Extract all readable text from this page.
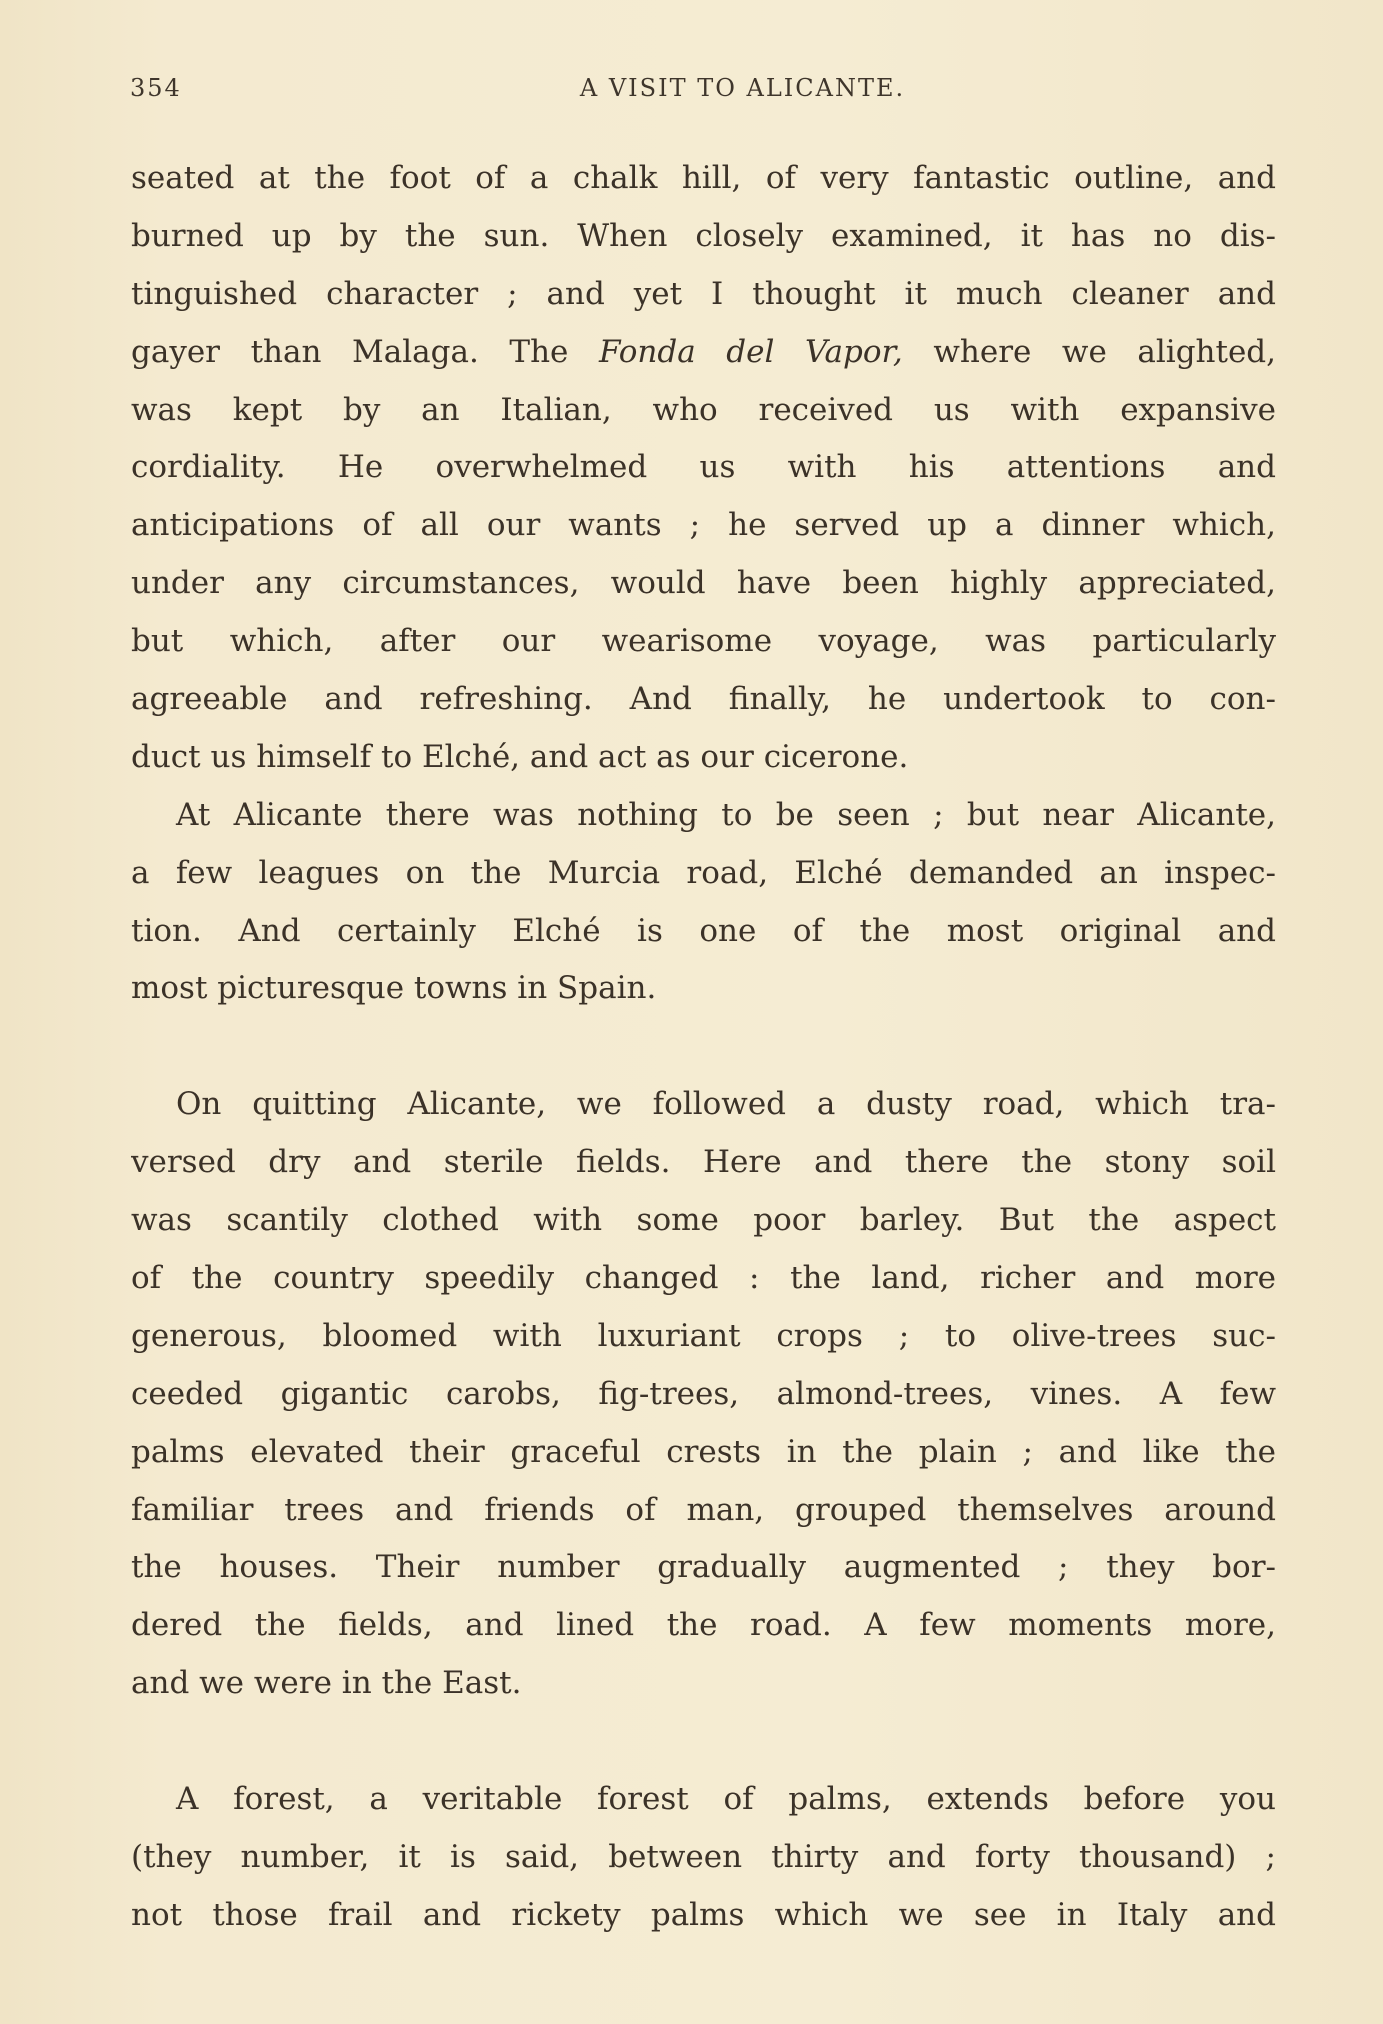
354	A VISIT TO ALICANTE.
seated at the foot of a chalk hill, of very fantastic outline, and
burned up by the sun. When closely examined, it has no dis-
tinguished character ; and yet I thought it much cleaner and
gayer than Malaga. The Fonda del Vapor, where we alighted,
was kept by an Italian, who received us with expansive
cordiality. He overwhelmed us with his attentions and
anticipations of all our wants ; he served up a dinner which,
under any circumstances, would have been highly appreciated,
but which, after our wearisome voyage, was particularly
agreeable and refreshing. And finally, he undertook to con-
duct us himself to Elché, and act as our cicerone.
At Alicante there was nothing to be seen ; but near Alicante,
a few leagues on the Murcia road, Elché demanded an inspec-
tion. And certainly Elché is one of the most original and
most picturesque towns in Spain.
On quitting Alicante, we followed a dusty road, which tra-
versed dry and sterile fields. Here and there the stony soil
was scantily clothed with some poor barley. But the aspect
of the country speedily changed : the land, richer and more
generous, bloomed with luxuriant crops ; to olive-trees suc-
ceeded gigantic carobs, fig-trees, almond-trees, vines. A few
palms elevated their graceful crests in the plain ; and like the
familiar trees and friends of man, grouped themselves around
the houses. Their number gradually augmented ; they bor-
dered the fields, and lined the road. A few moments more,
and we were in the East.
A forest, a veritable forest of palms, extends before you
(they number, it is said, between thirty and forty thousand) ;
not those frail and rickety palms which we see in Italy and
